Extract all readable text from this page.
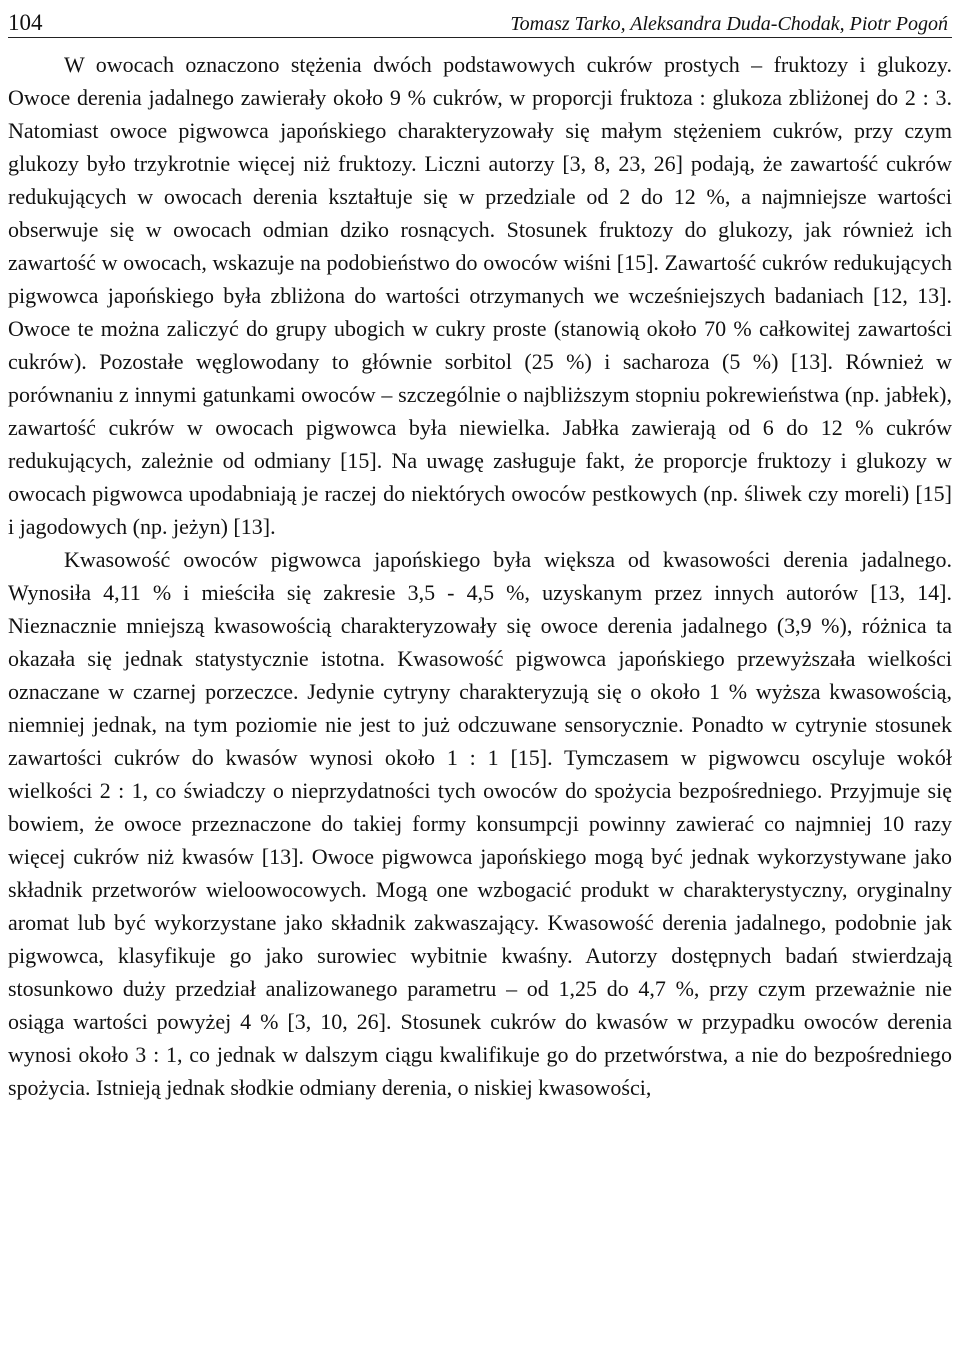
104	Tomasz Tarko, Aleksandra Duda-Chodak, Piotr Pogoń

W owocach oznaczono stężenia dwóch podstawowych cukrów prostych – fruktozy i glukozy. Owoce derenia jadalnego zawierały około 9 % cukrów, w proporcji fruktoza : glukoza zbliżonej do 2 : 3. Natomiast owoce pigwowca japońskiego charakteryzowały się małym stężeniem cukrów, przy czym glukozy było trzykrotnie więcej niż fruktozy. Liczni autorzy [3, 8, 23, 26] podają, że zawartość cukrów redukujących w owocach derenia kształtuje się w przedziale od 2 do 12 %, a najmniejsze wartości obserwuje się w owocach odmian dziko rosnących. Stosunek fruktozy do glukozy, jak również ich zawartość w owocach, wskazuje na podobieństwo do owoców wiśni [15]. Zawartość cukrów redukujących pigwowca japońskiego była zbliżona do wartości otrzymanych we wcześniejszych badaniach [12, 13]. Owoce te można zaliczyć do grupy ubogich w cukry proste (stanowią około 70 % całkowitej zawartości cukrów). Pozostałe węglowodany to głównie sorbitol (25 %) i sacharoza (5 %) [13]. Również w porównaniu z innymi gatunkami owoców – szczególnie o najbliższym stopniu pokrewieństwa (np. jabłek), zawartość cukrów w owocach pigwowca była niewielka. Jabłka zawierają od 6 do 12 % cukrów redukujących, zależnie od odmiany [15]. Na uwagę zasługuje fakt, że proporcje fruktozy i glukozy w owocach pigwowca upodabniają je raczej do niektórych owoców pestkowych (np. śliwek czy moreli) [15] i jagodowych (np. jeżyn) [13].

Kwasowość owoców pigwowca japońskiego była większa od kwasowości derenia jadalnego. Wynosiła 4,11 % i mieściła się zakresie 3,5 - 4,5 %, uzyskanym przez innych autorów [13, 14]. Nieznacznie mniejszą kwasowością charakteryzowały się owoce derenia jadalnego (3,9 %), różnica ta okazała się jednak statystycznie istotna. Kwasowość pigwowca japońskiego przewyższała wielkości oznaczane w czarnej porzeczce. Jedynie cytryny charakteryzują się o około 1 % wyższa kwasowością, niemniej jednak, na tym poziomie nie jest to już odczuwane sensorycznie. Ponadto w cytrynie stosunek zawartości cukrów do kwasów wynosi około 1 : 1 [15]. Tymczasem w pigwowcu oscyluje wokół wielkości 2 : 1, co świadczy o nieprzydatności tych owoców do spożycia bezpośredniego. Przyjmuje się bowiem, że owoce przeznaczone do takiej formy konsumpcji powinny zawierać co najmniej 10 razy więcej cukrów niż kwasów [13]. Owoce pigwowca japońskiego mogą być jednak wykorzystywane jako składnik przetworów wieloowocowych. Mogą one wzbogacić produkt w charakterystyczny, oryginalny aromat lub być wykorzystane jako składnik zakwaszający. Kwasowość derenia jadalnego, podobnie jak pigwowca, klasyfikuje go jako surowiec wybitnie kwaśny. Autorzy dostępnych badań stwierdzają stosunkowo duży przedział analizowanego parametru – od 1,25 do 4,7 %, przy czym przeważnie nie osiąga wartości powyżej 4 % [3, 10, 26]. Stosunek cukrów do kwasów w przypadku owoców derenia wynosi około 3 : 1, co jednak w dalszym ciągu kwalifikuje go do przetwórstwa, a nie do bezpośredniego spożycia. Istnieją jednak słodkie odmiany derenia, o niskiej kwasowości,
